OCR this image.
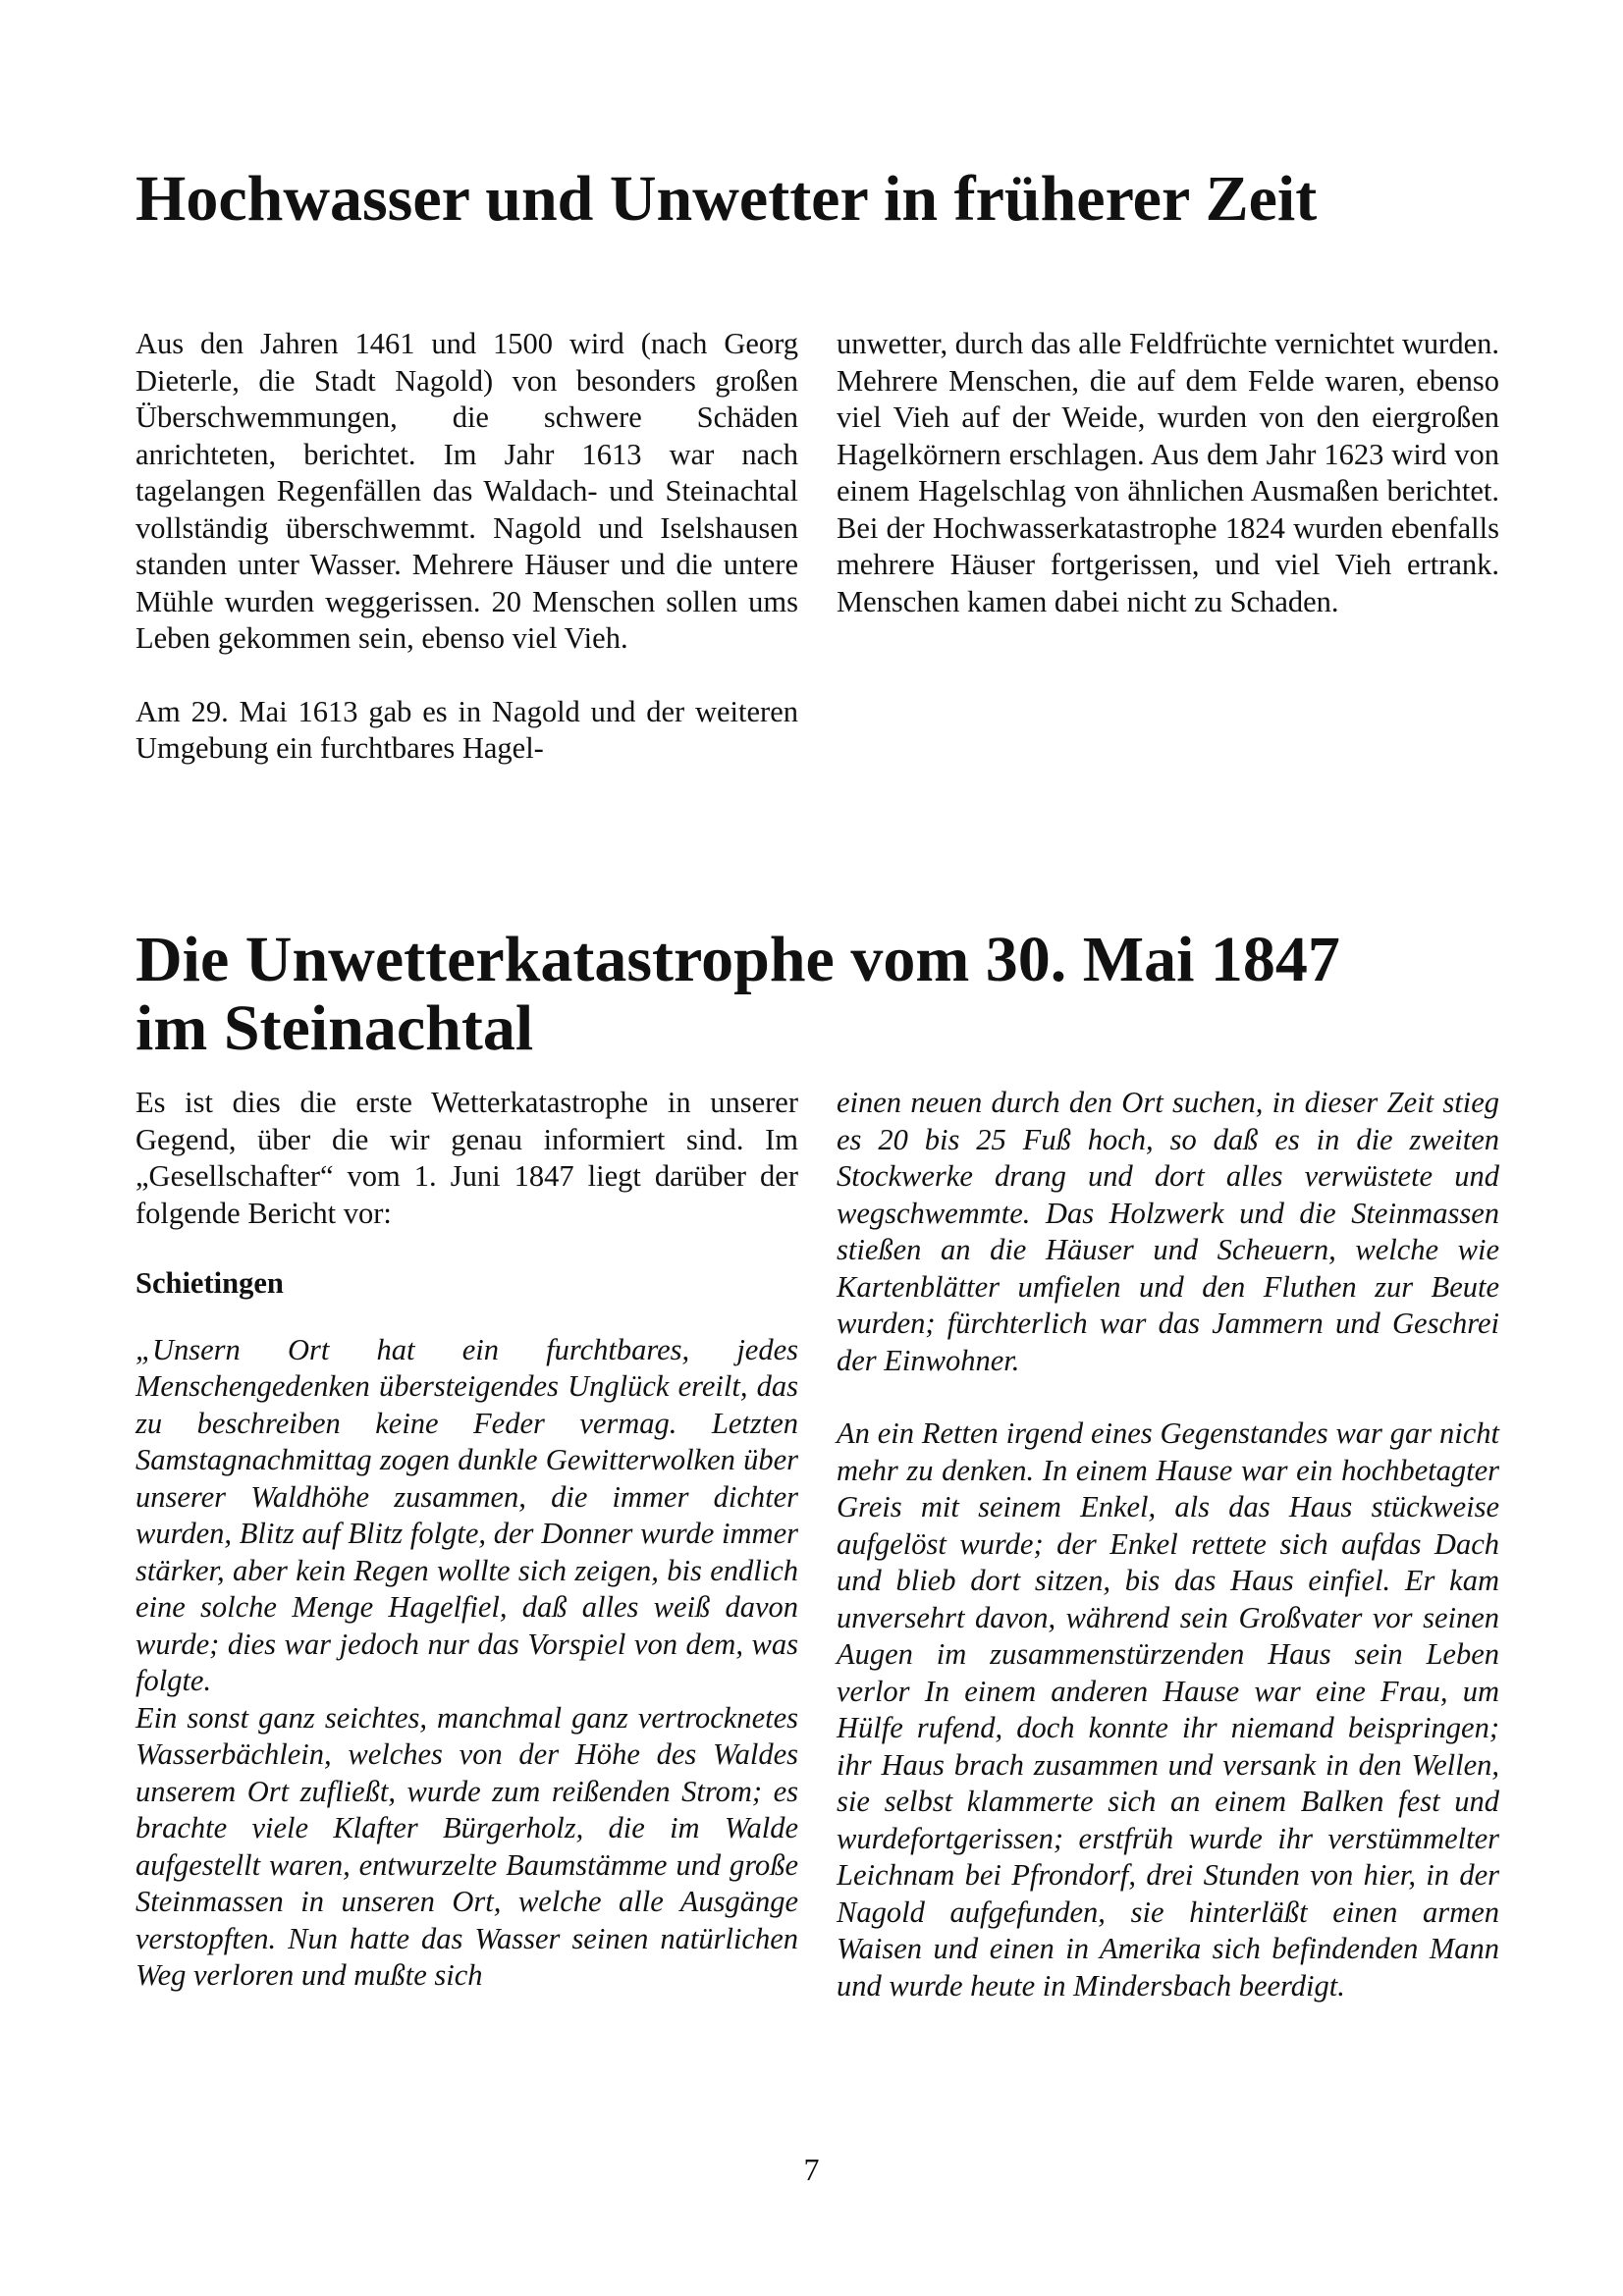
Hochwasser und Unwetter in früherer Zeit

Aus den Jahren 1461 und 1500 wird (nach Georg Dieterle, die Stadt Nagold) von besonders großen Überschwemmungen, die schwere Schäden anrichteten, berichtet. Im Jahr 1613 war nach tagelangen Regenfällen das Waldach- und Steinachtal vollständig überschwemmt. Nagold und Iselshausen standen unter Wasser. Mehrere Häuser und die untere Mühle wurden weggerissen. 20 Menschen sollen ums Leben gekommen sein, ebenso viel Vieh.

Am 29. Mai 1613 gab es in Nagold und der weiteren Umgebung ein furchtbares Hagel-

unwetter, durch das alle Feldfrüchte vernichtet wurden. Mehrere Menschen, die auf dem Felde waren, ebenso viel Vieh auf der Weide, wurden von den eiergroßen Hagelkörnern erschlagen. Aus dem Jahr 1623 wird von einem Hagelschlag von ähnlichen Ausmaßen berichtet. Bei der Hochwasserkatastrophe 1824 wurden ebenfalls mehrere Häuser fortgerissen, und viel Vieh ertrank. Menschen kamen dabei nicht zu Schaden.

Die Unwetterkatastrophe vom 30. Mai 1847
im Steinachtal

Es ist dies die erste Wetterkatastrophe in unserer Gegend, über die wir genau informiert sind. Im „Gesellschafter“ vom 1. Juni 1847 liegt darüber der folgende Bericht vor:

Schietingen

„Unsern Ort hat ein furchtbares, jedes Menschengedenken übersteigendes Unglück ereilt, das zu beschreiben keine Feder vermag. Letzten Samstagnachmittag zogen dunkle Gewitterwolken über unserer Waldhöhe zusammen, die immer dichter wurden, Blitz auf Blitz folgte, der Donner wurde immer stärker, aber kein Regen wollte sich zeigen, bis endlich eine solche Menge Hagelfiel, daß alles weiß davon wurde; dies war jedoch nur das Vorspiel von dem, was folgte.

Ein sonst ganz seichtes, manchmal ganz vertrocknetes Wasserbächlein, welches von der Höhe des Waldes unserem Ort zufließt, wurde zum reißenden Strom; es brachte viele Klafter Bürgerholz, die im Walde aufgestellt waren, entwurzelte Baumstämme und große Steinmassen in unseren Ort, welche alle Ausgänge verstopften. Nun hatte das Wasser seinen natürlichen Weg verloren und mußte sich

einen neuen durch den Ort suchen, in dieser Zeit stieg es 20 bis 25 Fuß hoch, so daß es in die zweiten Stockwerke drang und dort alles verwüstete und wegschwemmte. Das Holzwerk und die Steinmassen stießen an die Häuser und Scheuern, welche wie Kartenblätter umfielen und den Fluthen zur Beute wurden; fürchterlich war das Jammern und Geschrei der Einwohner.

An ein Retten irgend eines Gegenstandes war gar nicht mehr zu denken. In einem Hause war ein hochbetagter Greis mit seinem Enkel, als das Haus stückweise aufgelöst wurde; der Enkel rettete sich aufdas Dach und blieb dort sitzen, bis das Haus einfiel. Er kam unversehrt davon, während sein Großvater vor seinen Augen im zusammenstürzenden Haus sein Leben verlor In einem anderen Hause war eine Frau, um Hülfe rufend, doch konnte ihr niemand beispringen; ihr Haus brach zusammen und versank in den Wellen, sie selbst klammerte sich an einem Balken fest und wurdefortgerissen; erstfrüh wurde ihr verstümmelter Leichnam bei Pfrondorf, drei Stunden von hier, in der Nagold aufgefunden, sie hinterläßt einen armen Waisen und einen in Amerika sich befindenden Mann und wurde heute in Mindersbach beerdigt.

7
